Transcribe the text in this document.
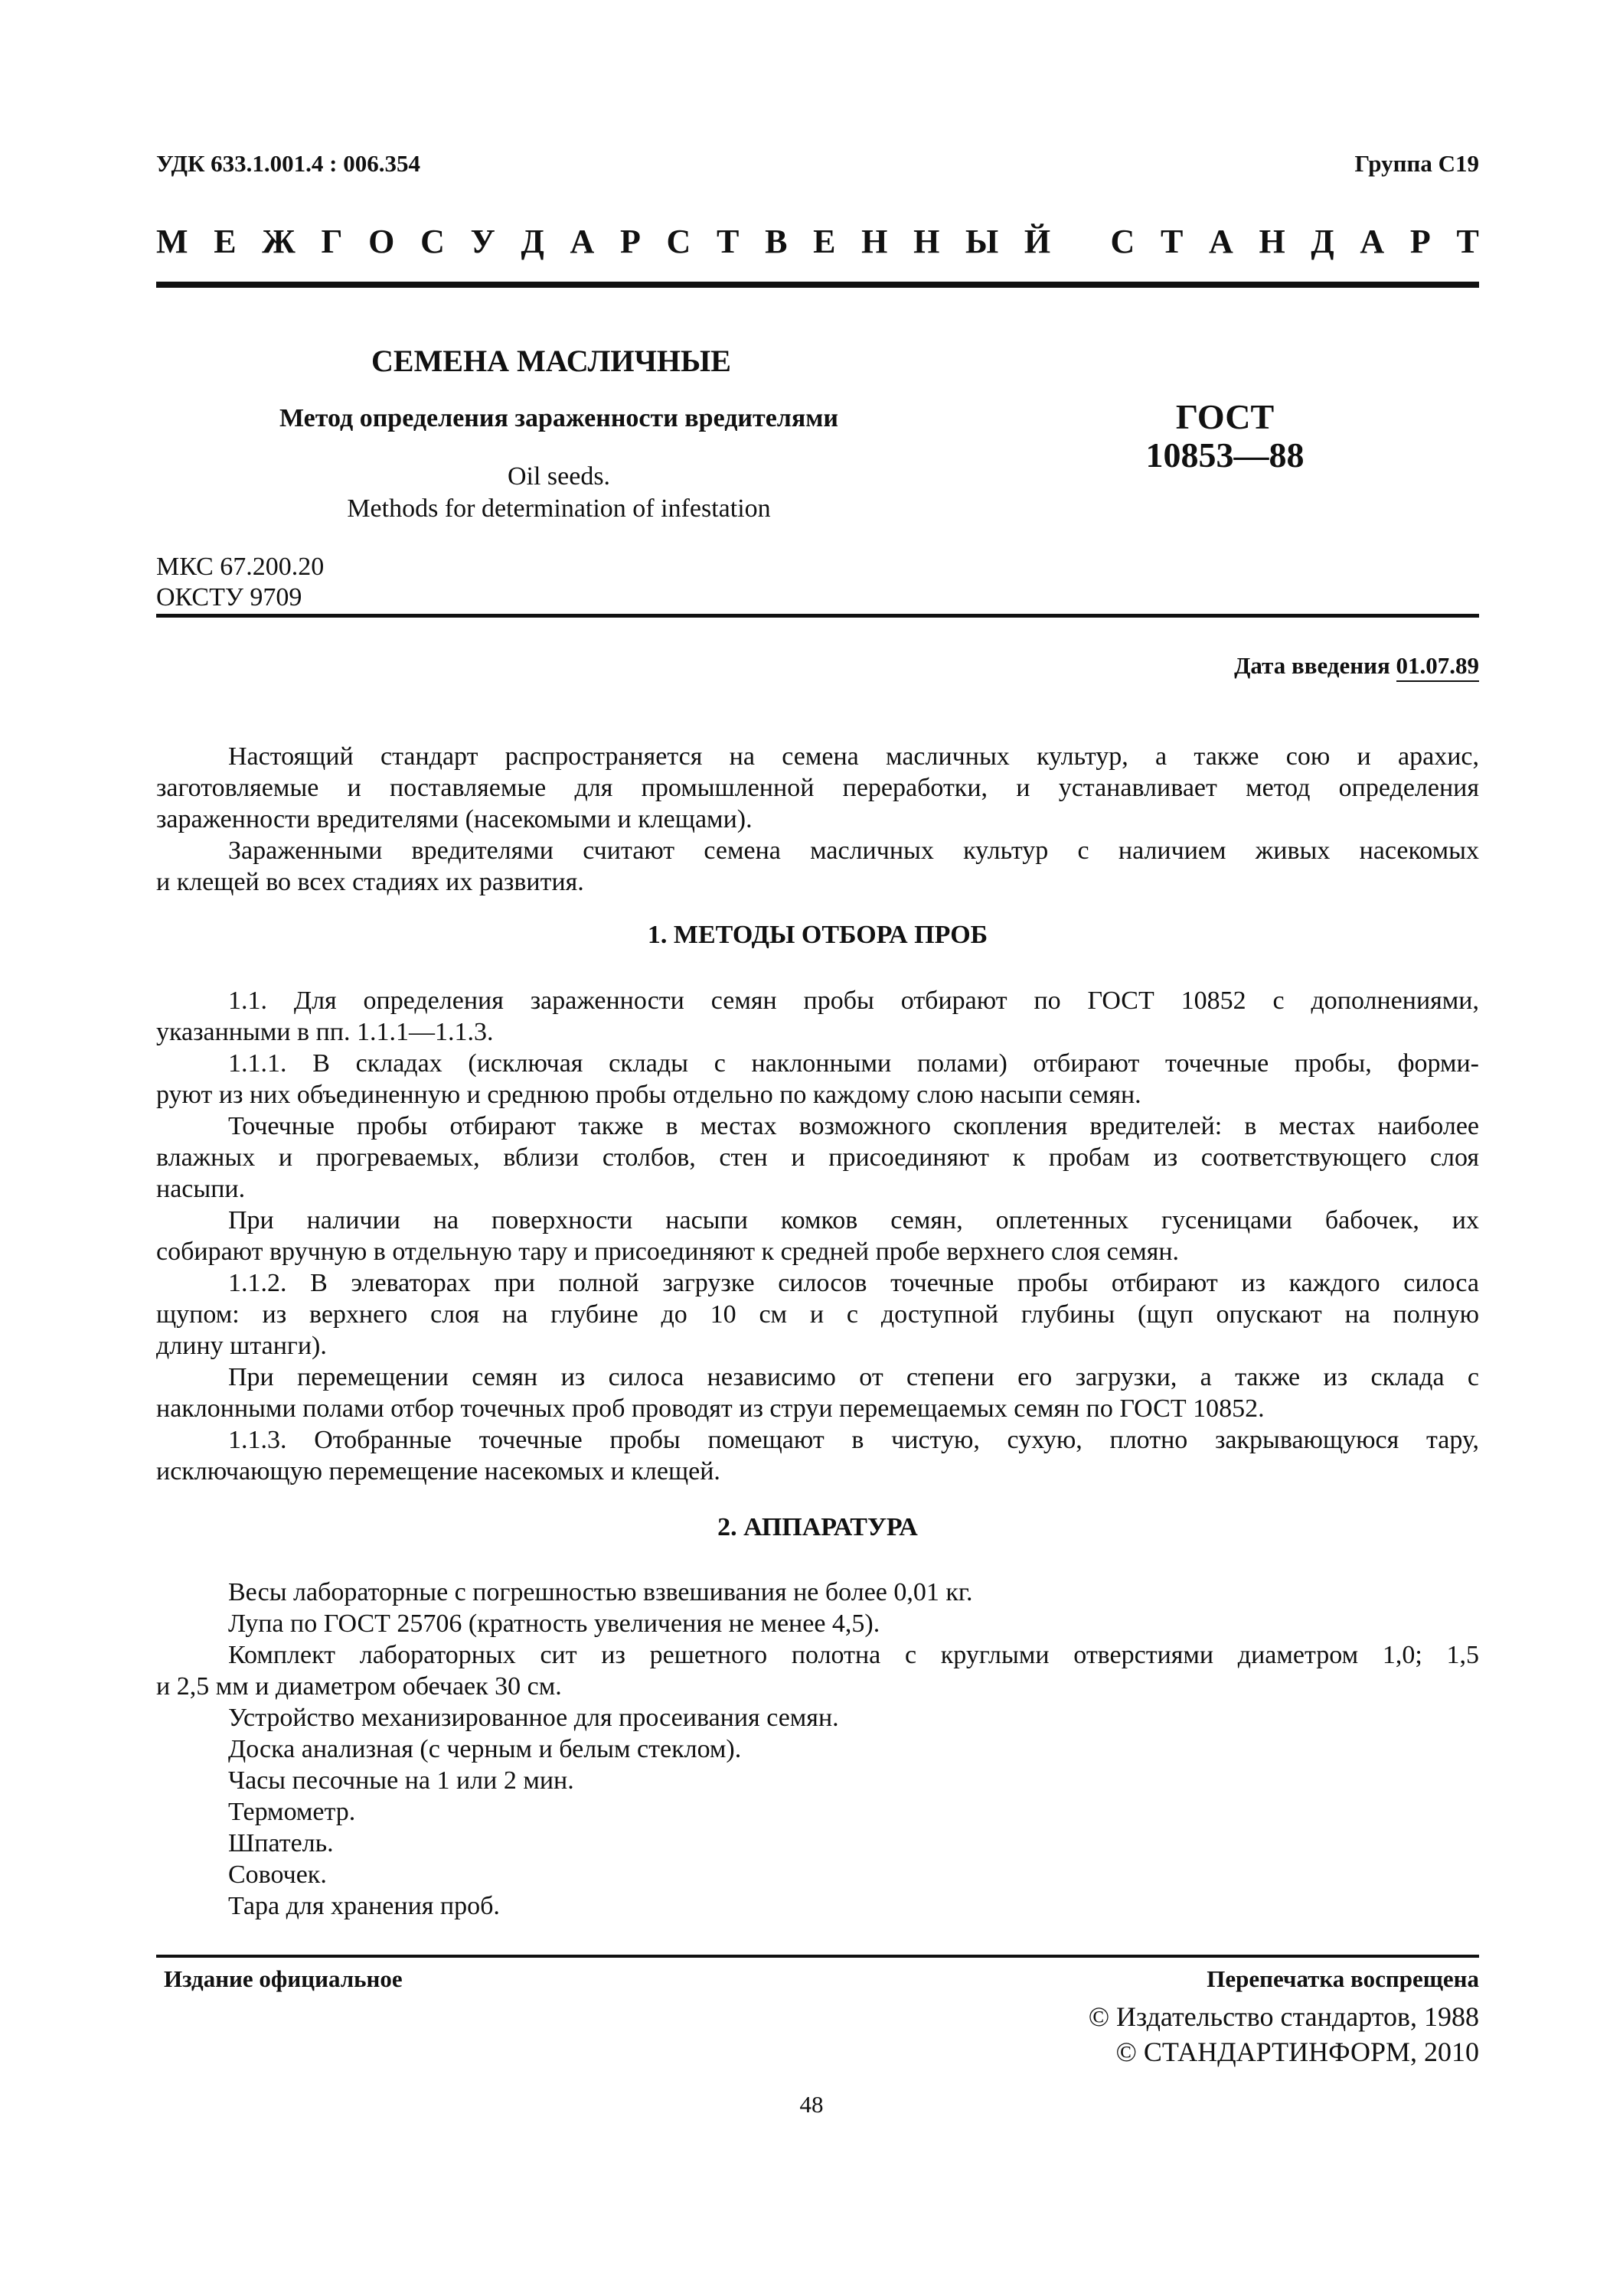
УДК 633.1.001.4 : 006.354	Группа С19
М Е Ж Г О С У Д А Р С Т В Е Н Н Ы Й
С Т А Н Д А Р Т
СЕМЕНА МАСЛИЧНЫЕ
Метод определения зараженности вредителями
Oil seeds.
Methods for determination of infestation
ГОСТ
10853—88
МКС 67.200.20
ОКСТУ 9709
Дата введения 01.07.89
Настоящий стандарт распространяется на семена масличных культур, а также сою и арахис,
заготовляемые и поставляемые для промышленной переработки, и устанавливает метод определения
зараженности вредителями (насекомыми и клещами).
Зараженными вредителями считают семена масличных культур с наличием живых насекомых
и клещей во всех стадиях их развития.
1. МЕТОДЫ ОТБОРА ПРОБ
1.1. Для определения зараженности семян пробы отбирают по ГОСТ 10852 с дополнениями,
указанными в пп. 1.1.1—1.1.3.
1.1.1. В складах (исключая склады с наклонными полами) отбирают точечные пробы, форми-
руют из них объединенную и среднюю пробы отдельно по каждому слою насыпи семян.
Точечные пробы отбирают также в местах возможного скопления вредителей: в местах наиболее
влажных и прогреваемых, вблизи столбов, стен и присоединяют к пробам из соответствующего слоя
насыпи.
При наличии на поверхности насыпи комков семян, оплетенных гусеницами бабочек, их
собирают вручную в отдельную тару и присоединяют к средней пробе верхнего слоя семян.
1.1.2. В элеваторах при полной загрузке силосов точечные пробы отбирают из каждого силоса
щупом: из верхнего слоя на глубине до 10 см и с доступной глубины (щуп опускают на полную
длину штанги).
При перемещении семян из силоса независимо от степени его загрузки, а также из склада с
наклонными полами отбор точечных проб проводят из струи перемещаемых семян по ГОСТ 10852.
1.1.3. Отобранные точечные пробы помещают в чистую, сухую, плотно закрывающуюся тару,
исключающую перемещение насекомых и клещей.
2. АППАРАТУРА
Весы лабораторные с погрешностью взвешивания не более 0,01 кг.
Лупа по ГОСТ 25706 (кратность увеличения не менее 4,5).
Комплект лабораторных сит из решетного полотна с круглыми отверстиями диаметром 1,0; 1,5
и 2,5 мм и диаметром обечаек 30 см.
Устройство механизированное для просеивания семян.
Доска анализная (с черным и белым стеклом).
Часы песочные на 1 или 2 мин.
Термометр.
Шпатель.
Совочек.
Тара для хранения проб.
Издание официальное	Перепечатка воспрещена
© Издательство стандартов, 1988
© СТАНДАРТИНФОРМ, 2010
48
